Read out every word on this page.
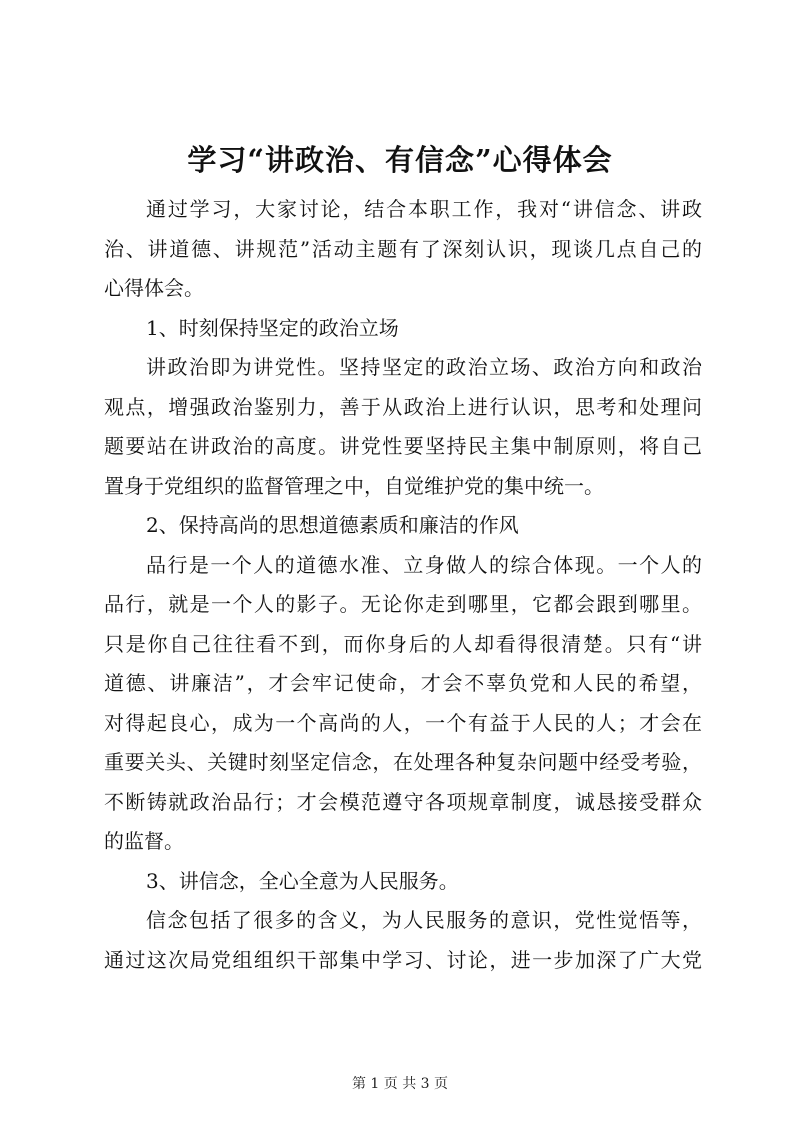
学习“讲政治、有信念”心得体会
通过学习，大家讨论，结合本职工作，我对“讲信念、讲政
治、讲道德、讲规范”活动主题有了深刻认识，现谈几点自己的
心得体会。
1、时刻保持坚定的政治立场
讲政治即为讲党性。坚持坚定的政治立场、政治方向和政治
观点，增强政治鉴别力，善于从政治上进行认识，思考和处理问
题要站在讲政治的高度。讲党性要坚持民主集中制原则，将自己
置身于党组织的监督管理之中，自觉维护党的集中统一。
2、保持高尚的思想道德素质和廉洁的作风
品行是一个人的道德水准、立身做人的综合体现。一个人的
品行，就是一个人的影子。无论你走到哪里，它都会跟到哪里。
只是你自己往往看不到，而你身后的人却看得很清楚。只有“讲
道德、讲廉洁”，才会牢记使命，才会不辜负党和人民的希望，
对得起良心，成为一个高尚的人，一个有益于人民的人；才会在
重要关头、关键时刻坚定信念，在处理各种复杂问题中经受考验，
不断铸就政治品行；才会模范遵守各项规章制度，诚恳接受群众
的监督。
3、讲信念，全心全意为人民服务。
信念包括了很多的含义，为人民服务的意识，党性觉悟等，
通过这次局党组组织干部集中学习、讨论，进一步加深了广大党
第 1 页 共 3 页
